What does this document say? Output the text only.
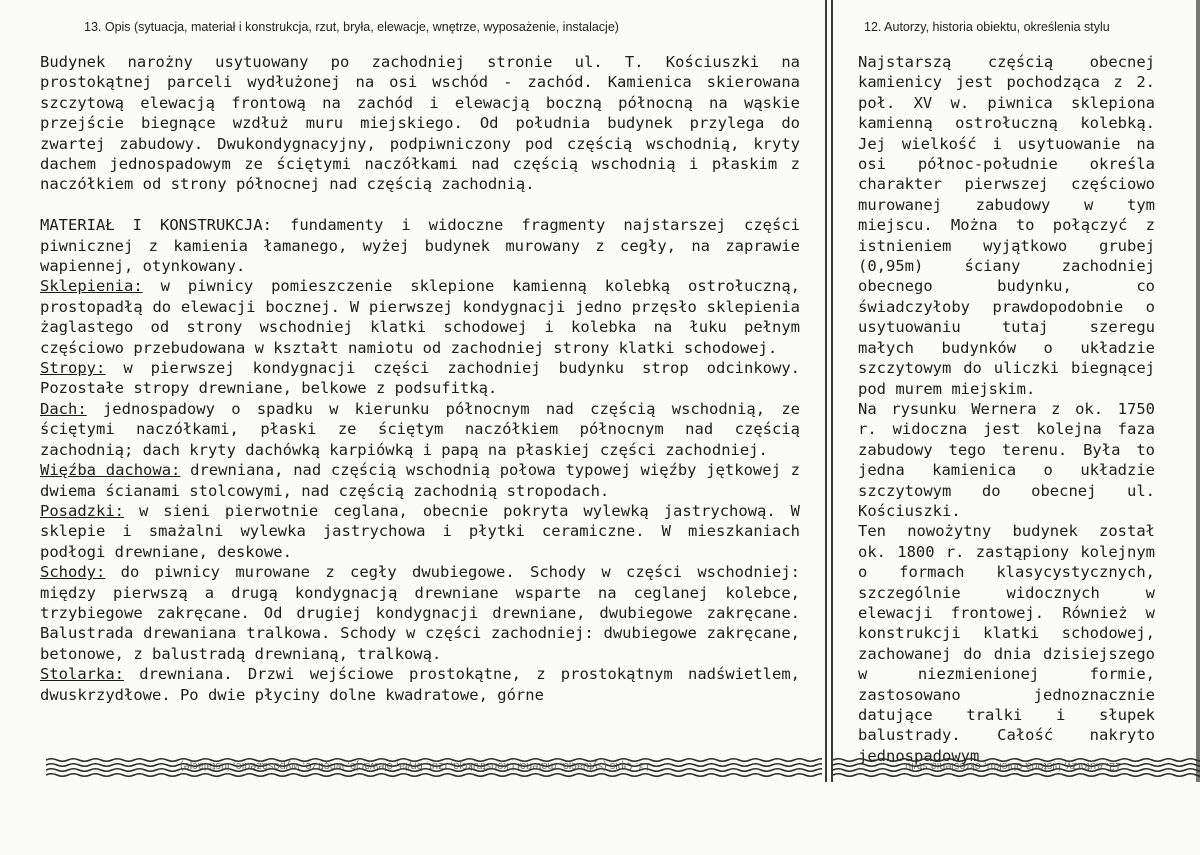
13. Opis (sytuacja, materiał i konstrukcja, rzut, bryła, elewacje, wnętrze, wyposażenie, instalacje)	12. Autorzy, historia obiektu, określenia stylu

Budynek narożny usytuowany po zachodniej stronie ul. T. Kościuszki na prostokątnej parceli wydłużonej na osi wschód - zachód. Kamienica skierowana szczytową elewacją frontową na zachód i elewacją boczną północną na wąskie przejście biegnące wzdłuż muru miejskiego. Od południa budynek przylega do zwartej zabudowy. Dwukondygnacyjny, podpiwniczony pod częścią wschodnią, kryty dachem jednospadowym ze ściętymi naczółkami nad częścią wschodnią i płaskim z naczółkiem od strony północnej nad częścią zachodnią.

MATERIAŁ I KONSTRUKCJA: fundamenty i widoczne fragmenty najstarszej części piwnicznej z kamienia łamanego, wyżej budynek murowany z cegły, na zaprawie wapiennej, otynkowany.

Sklepienia: w piwnicy pomieszczenie sklepione kamienną kolebką ostrołuczną, prostopadłą do elewacji bocznej. W pierwszej kondygnacji jedno przęsło sklepienia żaglastego od strony wschodniej klatki schodowej i kolebka na łuku pełnym częściowo przebudowana w kształt namiotu od zachodniej strony klatki schodowej.

Stropy: w pierwszej kondygnacji części zachodniej budynku strop odcinkowy. Pozostałe stropy drewniane, belkowe z podsufitką.

Dach: jednospadowy o spadku w kierunku północnym nad częścią wschodnią, ze ściętymi naczółkami, płaski ze ściętym naczółkiem północnym nad częścią zachodnią; dach kryty dachówką karpiówką i papą na płaskiej części zachodniej.

Więźba dachowa: drewniana, nad częścią wschodnią połowa typowej więźby jętkowej z dwiema ścianami stolcowymi, nad częścią zachodnią stropodach.

Posadzki: w sieni pierwotnie ceglana, obecnie pokryta wylewką jastrychową. W sklepie i smażalni wylewka jastrychowa i płytki ceramiczne. W mieszkaniach podłogi drewniane, deskowe.

Schody: do piwnicy murowane z cegły dwubiegowe. Schody w części wschodniej: między pierwszą a drugą kondygnacją drewniane wsparte na ceglanej kolebce, trzybiegowe zakręcane. Od drugiej kondygnacji drewniane, dwubiegowe zakręcane. Balustrada drewaniana tralkowa. Schody w części zachodniej: dwubiegowe zakręcane, betonowe, z balustradą drewnianą, tralkową.

Stolarka: drewniana. Drzwi wejściowe prostokątne, z prostokątnym nadświetlem, dwuskrzydłowe. Po dwie płyciny dolne kwadratowe, górne

Najstarszą częścią obecnej kamienicy jest pochodząca z 2. poł. XV w. piwnica sklepiona kamienną ostrołuczną kolebką. Jej wielkość i usytuowanie na osi północ-południe określa charakter pierwszej częściowo murowanej zabudowy w tym miejscu. Można to połączyć z istnieniem wyjątkowo grubej (0,95m) ściany zachodniej obecnego budynku, co świadczyłoby prawdopodobnie o usytuowaniu tutaj szeregu małych budynków o układzie szczytowym do uliczki biegnącej pod murem miejskim.

Na rysunku Wernera z ok. 1750 r. widoczna jest kolejna faza zabudowy tego terenu. Była to jedna kamienica o układzie szczytowym do obecnej ul. Kościuszki.

Ten nowożytny budynek został ok. 1800 r. zastąpiony kolejnym o formach klasycystycznych, szczególnie widocznych w elewacji frontowej. Również w konstrukcji klatki schodowej, zachowanej do dnia dzisiejszego w niezmienionej formie, zastosowano jednoznacznie datujące tralki i słupek balustrady. Całość nakryto jednospadowym

13. Opis (sytuacja, materiał i konstrukcja, rzut, bryła, elewacje, wnętrze, wyposażenie, instalacje)	12. Autorzy, historia obiektu, określenia stylu
